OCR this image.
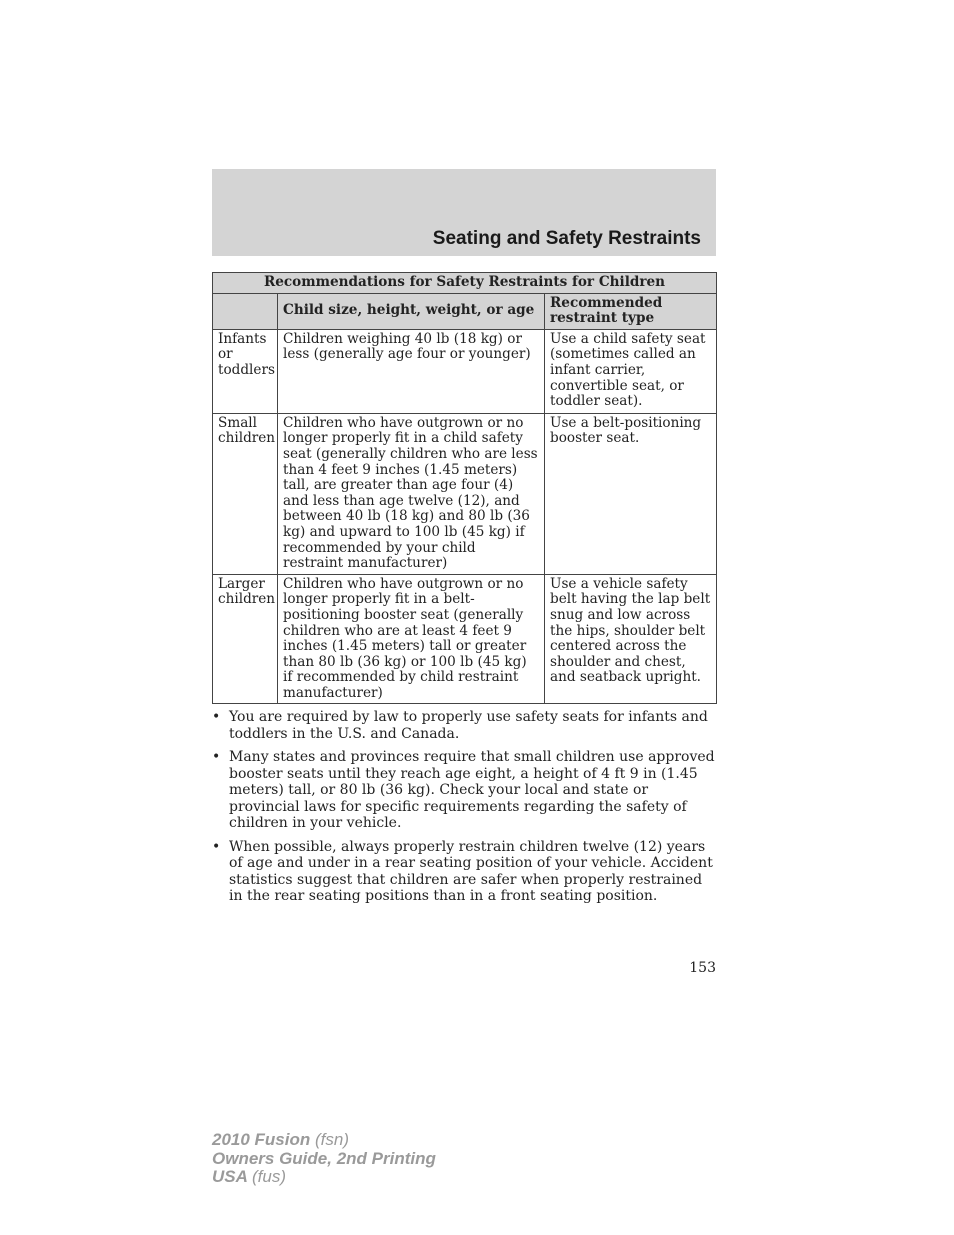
Seating and Safety Restraints
Recommendations for Safety Restraints for Children		
	Child size, height, weight, or age	Recommended restraint type
Infants or toddlers	Children weighing 40 lb (18 kg) or less (generally age four or younger)	Use a child safety seat (sometimes called an infant carrier, convertible seat, or toddler seat).
Small children	Children who have outgrown or no longer properly fit in a child safety seat (generally children who are less than 4 feet 9 inches (1.45 meters) tall, are greater than age four (4) and less than age twelve (12), and between 40 lb (18 kg) and 80 lb (36 kg) and upward to 100 lb (45 kg) if recommended by your child restraint manufacturer)	Use a belt-positioning booster seat.
Larger children	Children who have outgrown or no longer properly fit in a belt-positioning booster seat (generally children who are at least 4 feet 9 inches (1.45 meters) tall or greater than 80 lb (36 kg) or 100 lb (45 kg) if recommended by child restraint manufacturer)	Use a vehicle safety belt having the lap belt snug and low across the hips, shoulder belt centered across the shoulder and chest, and seatback upright.
• You are required by law to properly use safety seats for infants and toddlers in the U.S. and Canada.
• Many states and provinces require that small children use approved booster seats until they reach age eight, a height of 4 ft 9 in (1.45 meters) tall, or 80 lb (36 kg). Check your local and state or provincial laws for specific requirements regarding the safety of children in your vehicle.
• When possible, always properly restrain children twelve (12) years of age and under in a rear seating position of your vehicle. Accident statistics suggest that children are safer when properly restrained in the rear seating positions than in a front seating position.
153
2010 Fusion (fsn)
Owners Guide, 2nd Printing
USA (fus)
